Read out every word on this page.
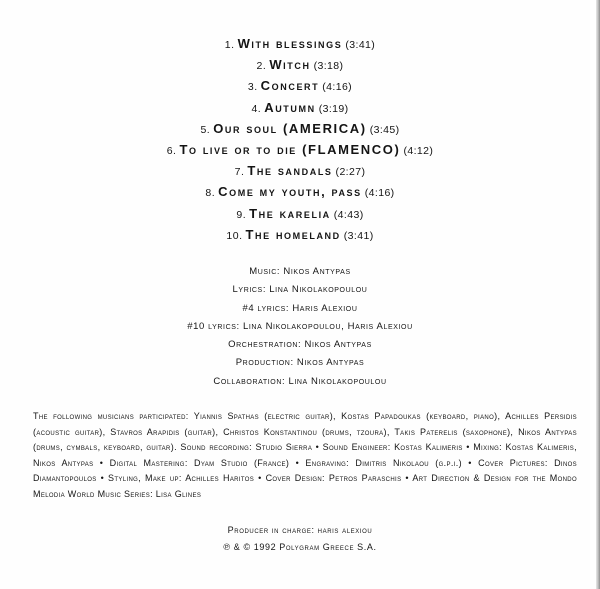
1. With blessings (3:41)
2. Witch (3:18)
3. Concert (4:16)
4. Autumn (3:19)
5. Our soul (AMERICA) (3:45)
6. To live or to die (FLAMENCO) (4:12)
7. The sandals (2:27)
8. Come my youth, pass (4:16)
9. The karelia (4:43)
10. The homeland (3:41)
Music: Nikos Antypas
Lyrics: Lina Nikolakopoulou
#4 lyrics: Haris Alexiou
#10 lyrics: Lina Nikolakopoulou, Haris Alexiou
Orchestration: Nikos Antypas
Production: Nikos Antypas
Collaboration: Lina Nikolakopoulou

The following musicians participated: Yiannis Spathas (electric guitar), Kostas Papadoukas (keyboard, piano), Achilles Persidis (acoustic guitar), Stavros Arapidis (guitar), Christos Konstantinou (drums, tzoura), Takis Paterelis (saxophone), Nikos Antypas (drums, cymbals, keyboard, guitar). Sound recording: Studio Sierra • Sound Engineer: Kostas Kalimeris • Mixing: Kostas Kalimeris, Nikos Antypas • Digital Mastering: Dyam Studio (France) • Engraving: Dimitris Nikolaou (g.p.i.) • Cover Pictures: Dinos Diamantopoulos • Styling, Make up: Achilles Haritos • Cover Design: Petros Paraschis • Art Direction & Design for the Mondo Melodia World Music Series: Lisa Glines

Producer in charge: haris alexiou
℗ & © 1992 Polygram Greece S.A.
